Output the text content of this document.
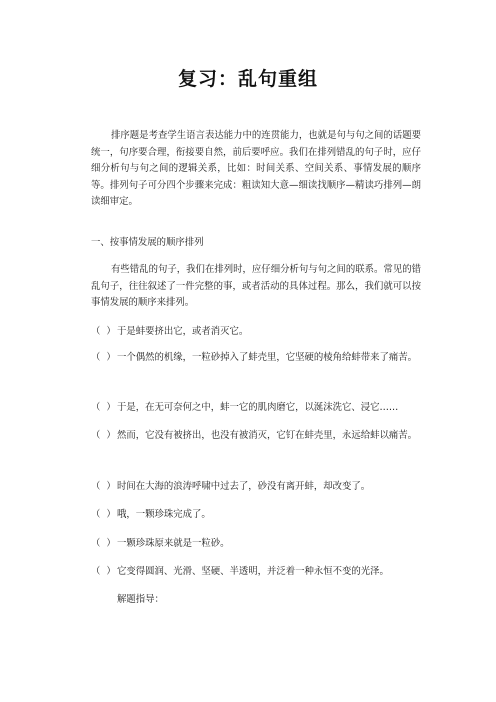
复习：乱句重组

排序题是考查学生语言表达能力中的连贯能力，也就是句与句之间的话题要统一，句序要合理，衔接要自然，前后要呼应。我们在排列错乱的句子时，应仔细分析句与句之间的逻辑关系，比如：时间关系、空间关系、事情发展的顺序等。排列句子可分四个步骤来完成：粗读知大意—细读找顺序—精读巧排列—朗读细审定。

一、按事情发展的顺序排列

有些错乱的句子，我们在排列时，应仔细分析句与句之间的联系。常见的错乱句子，往往叙述了一件完整的事，或者活动的具体过程。那么，我们就可以按事情发展的顺序来排列。

（ ）于是蚌要挤出它，或者消灭它。

（ ）一个偶然的机缘，一粒砂掉入了蚌壳里，它坚硬的棱角给蚌带来了痛苦。

（ ）于是，在无可奈何之中，蚌一它的肌肉磨它，以涎沫洗它、浸它……

（ ）然而，它没有被挤出，也没有被消灭，它钉在蚌壳里，永远给蚌以痛苦。

（ ）时间在大海的浪涛呼啸中过去了，砂没有离开蚌，却改变了。

（ ）哦，一颗珍珠完成了。

（ ）一颗珍珠原来就是一粒砂。

（ ）它变得圆润、光滑、坚硬、半透明，并泛着一种永恒不变的光泽。

解题指导：
